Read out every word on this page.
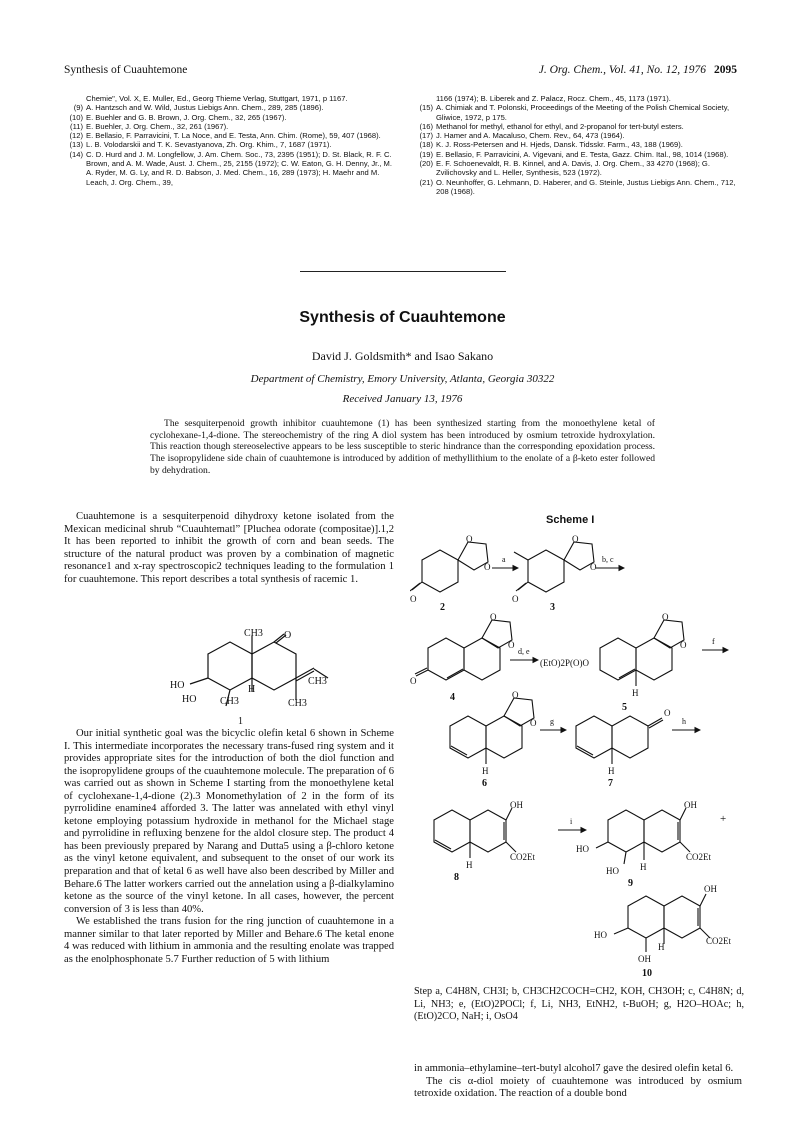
Synthesis of Cuauhtemone	J. Org. Chem., Vol. 41, No. 12, 1976 2095
Chemie", Vol. X, E. Muller, Ed., Georg Thieme Verlag, Stuttgart, 1971, p 1167.
(9) A. Hantzsch and W. Wild, Justus Liebigs Ann. Chem., 289, 285 (1896).
(10) E. Buehler and G. B. Brown, J. Org. Chem., 32, 265 (1967).
(11) E. Buehler, J. Org. Chem., 32, 261 (1967).
(12) E. Bellasio, F. Parravicini, T. La Noce, and E. Testa, Ann. Chim. (Rome), 59, 407 (1968).
(13) L. B. Volodarskii and T. K. Sevastyanova, Zh. Org. Khim., 7, 1687 (1971).
(14) C. D. Hurd and J. M. Longfellow, J. Am. Chem. Soc., 73, 2395 (1951); D. St. Black, R. F. C. Brown, and A. M. Wade, Aust. J. Chem., 25, 2155 (1972); C. W. Eaton, G. H. Denny, Jr., M. A. Ryder, M. G. Ly, and R. D. Babson, J. Med. Chem., 16, 289 (1973); H. Maehr and M. Leach, J. Org. Chem., 39,
1166 (1974); B. Liberek and Z. Palacz, Rocz. Chem., 45, 1173 (1971).
(15) A. Chimiak and T. Polonski, Proceedings of the Meeting of the Polish Chemical Society, Gliwice, 1972, p 175.
(16) Methanol for methyl, ethanol for ethyl, and 2-propanol for tert-butyl esters.
(17) J. Hamer and A. Macaluso, Chem. Rev., 64, 473 (1964).
(18) K. J. Ross-Petersen and H. Hjeds, Dansk. Tidsskr. Farm., 43, 188 (1969).
(19) E. Bellasio, F. Parravicini, A. Vigevani, and E. Testa, Gazz. Chim. Ital., 98, 1014 (1968).
(20) E. F. Schoenevaldt, R. B. Kinnel, and A. Davis, J. Org. Chem., 33 4270 (1968); G. Zvilichovsky and L. Heller, Synthesis, 523 (1972).
(21) O. Neunhoffer, G. Lehmann, D. Haberer, and G. Steinle, Justus Liebigs Ann. Chem., 712, 208 (1968).
Synthesis of Cuauhtemone
David J. Goldsmith* and Isao Sakano
Department of Chemistry, Emory University, Atlanta, Georgia 30322
Received January 13, 1976
The sesquiterpenoid growth inhibitor cuauhtemone (1) has been synthesized starting from the monoethylene ketal of cyclohexane-1,4-dione. The stereochemistry of the ring A diol system has been introduced by osmium tetroxide hydroxylation. This reaction though stereoselective appears to be less susceptible to steric hindrance than the corresponding epoxidation process. The isopropylidene side chain of cuauhtemone is introduced by addition of methyllithium to the enolate of a β-keto ester followed by dehydration.

Cuauhtemone is a sesquiterpenoid dihydroxy ketone isolated from the Mexican medicinal shrub “Cuauhtematl” [Pluchea odorate (compositae)].1,2 It has been reported to inhibit the growth of corn and bean seeds. The structure of the natural product was proven by a combination of magnetic resonance1 and x-ray spectroscopic2 techniques leading to the formulation 1 for cuauhtemone. This report describes a total synthesis of racemic 1.

CH3 O
CH3
HO
HO
H
CH3	CH3
1

Our initial synthetic goal was the bicyclic olefin ketal 6 shown in Scheme I. This intermediate incorporates the necessary trans-fused ring system and it provides appropriate sites for the introduction of both the diol function and the isopropylidene groups of the cuauhtemone molecule. The preparation of 6 was carried out as shown in Scheme I starting from the monoethylene ketal of cyclohexane-1,4-dione (2).3 Monomethylation of 2 in the form of its pyrrolidine enamine4 afforded 3. The latter was annelated with ethyl vinyl ketone employing potassium hydroxide in methanol for the Michael stage and pyrrolidine in refluxing benzene for the aldol closure step. The product 4 has been previously prepared by Narang and Dutta5 using a β-chloro ketone as the vinyl ketone equivalent, and subsequent to the onset of our work its preparation and that of ketal 6 as well have also been described by Miller and Behare.6 The latter workers carried out the annelation using a β-dialkylamino ketone as the source of the vinyl ketone. In all cases, however, the percent conversion of 3 is less than 40%.

We established the trans fusion for the ring junction of cuauhtemone in a manner similar to that later reported by Miller and Behare.6 The ketal enone 4 was reduced with lithium in ammonia and the resulting enolate was trapped as the enolphosphonate 5.7 Further reduction of 5 with lithium

Scheme I
O
O
O
O
O
O
O
O
O
O
O
O
O
O
a	b, c
d, e
f
g	h
i
(EtO)2P(O)O
H
H	H
OH
CO2Et
H
OH
CO2Et
+
HO
HO H
OH
CO2Et
HO
H
OH
2	3
4
5
6	7
8
9
10
Step a, C4H8N, CH3I; b, CH3CH2COCH=CH2, KOH, CH3OH; c, C4H8N; d, Li, NH3; e, (EtO)2POCl; f, Li, NH3, EtNH2, t-BuOH; g, H2O–HOAc; h, (EtO)2CO, NaH; i, OsO4

in ammonia–ethylamine–tert-butyl alcohol7 gave the desired olefin ketal 6.

The cis α-diol moiety of cuauhtemone was introduced by osmium tetroxide oxidation. The reaction of a double bond
